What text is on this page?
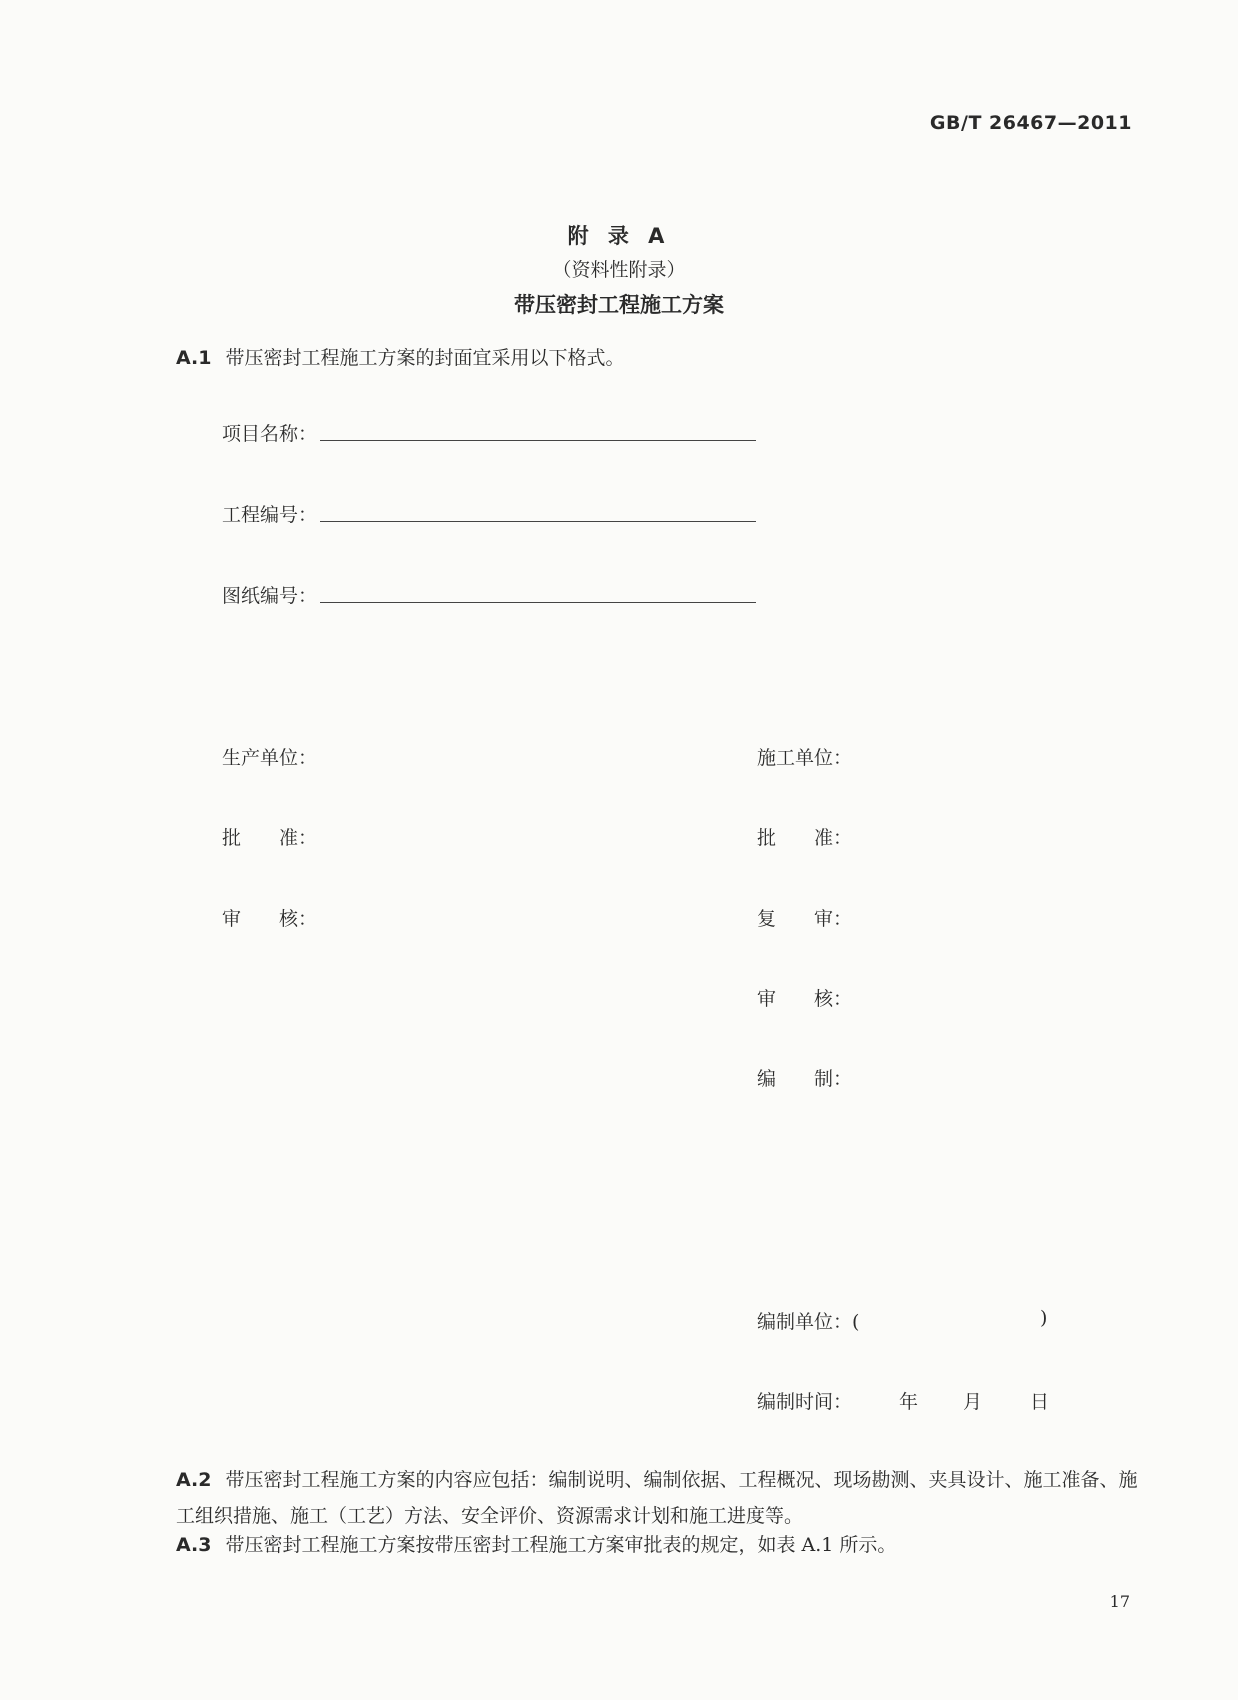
GB/T 26467—2011
附 录 A
（资料性附录）
带压密封工程施工方案
A.1 带压密封工程施工方案的封面宜采用以下格式。
项目名称：
工程编号：
图纸编号：
生产单位：
批　　准：
审　　核：
施工单位：
批　　准：
复　　审：
审　　核：
编　　制：
编制单位：(	)
编制时间： 年 月	日
A.2 带压密封工程施工方案的内容应包括：编制说明、编制依据、工程概况、现场勘测、夹具设计、施工准备、施工组织措施、施工（工艺）方法、安全评价、资源需求计划和施工进度等。
A.3 带压密封工程施工方案按带压密封工程施工方案审批表的规定，如表 A.1 所示。
17
